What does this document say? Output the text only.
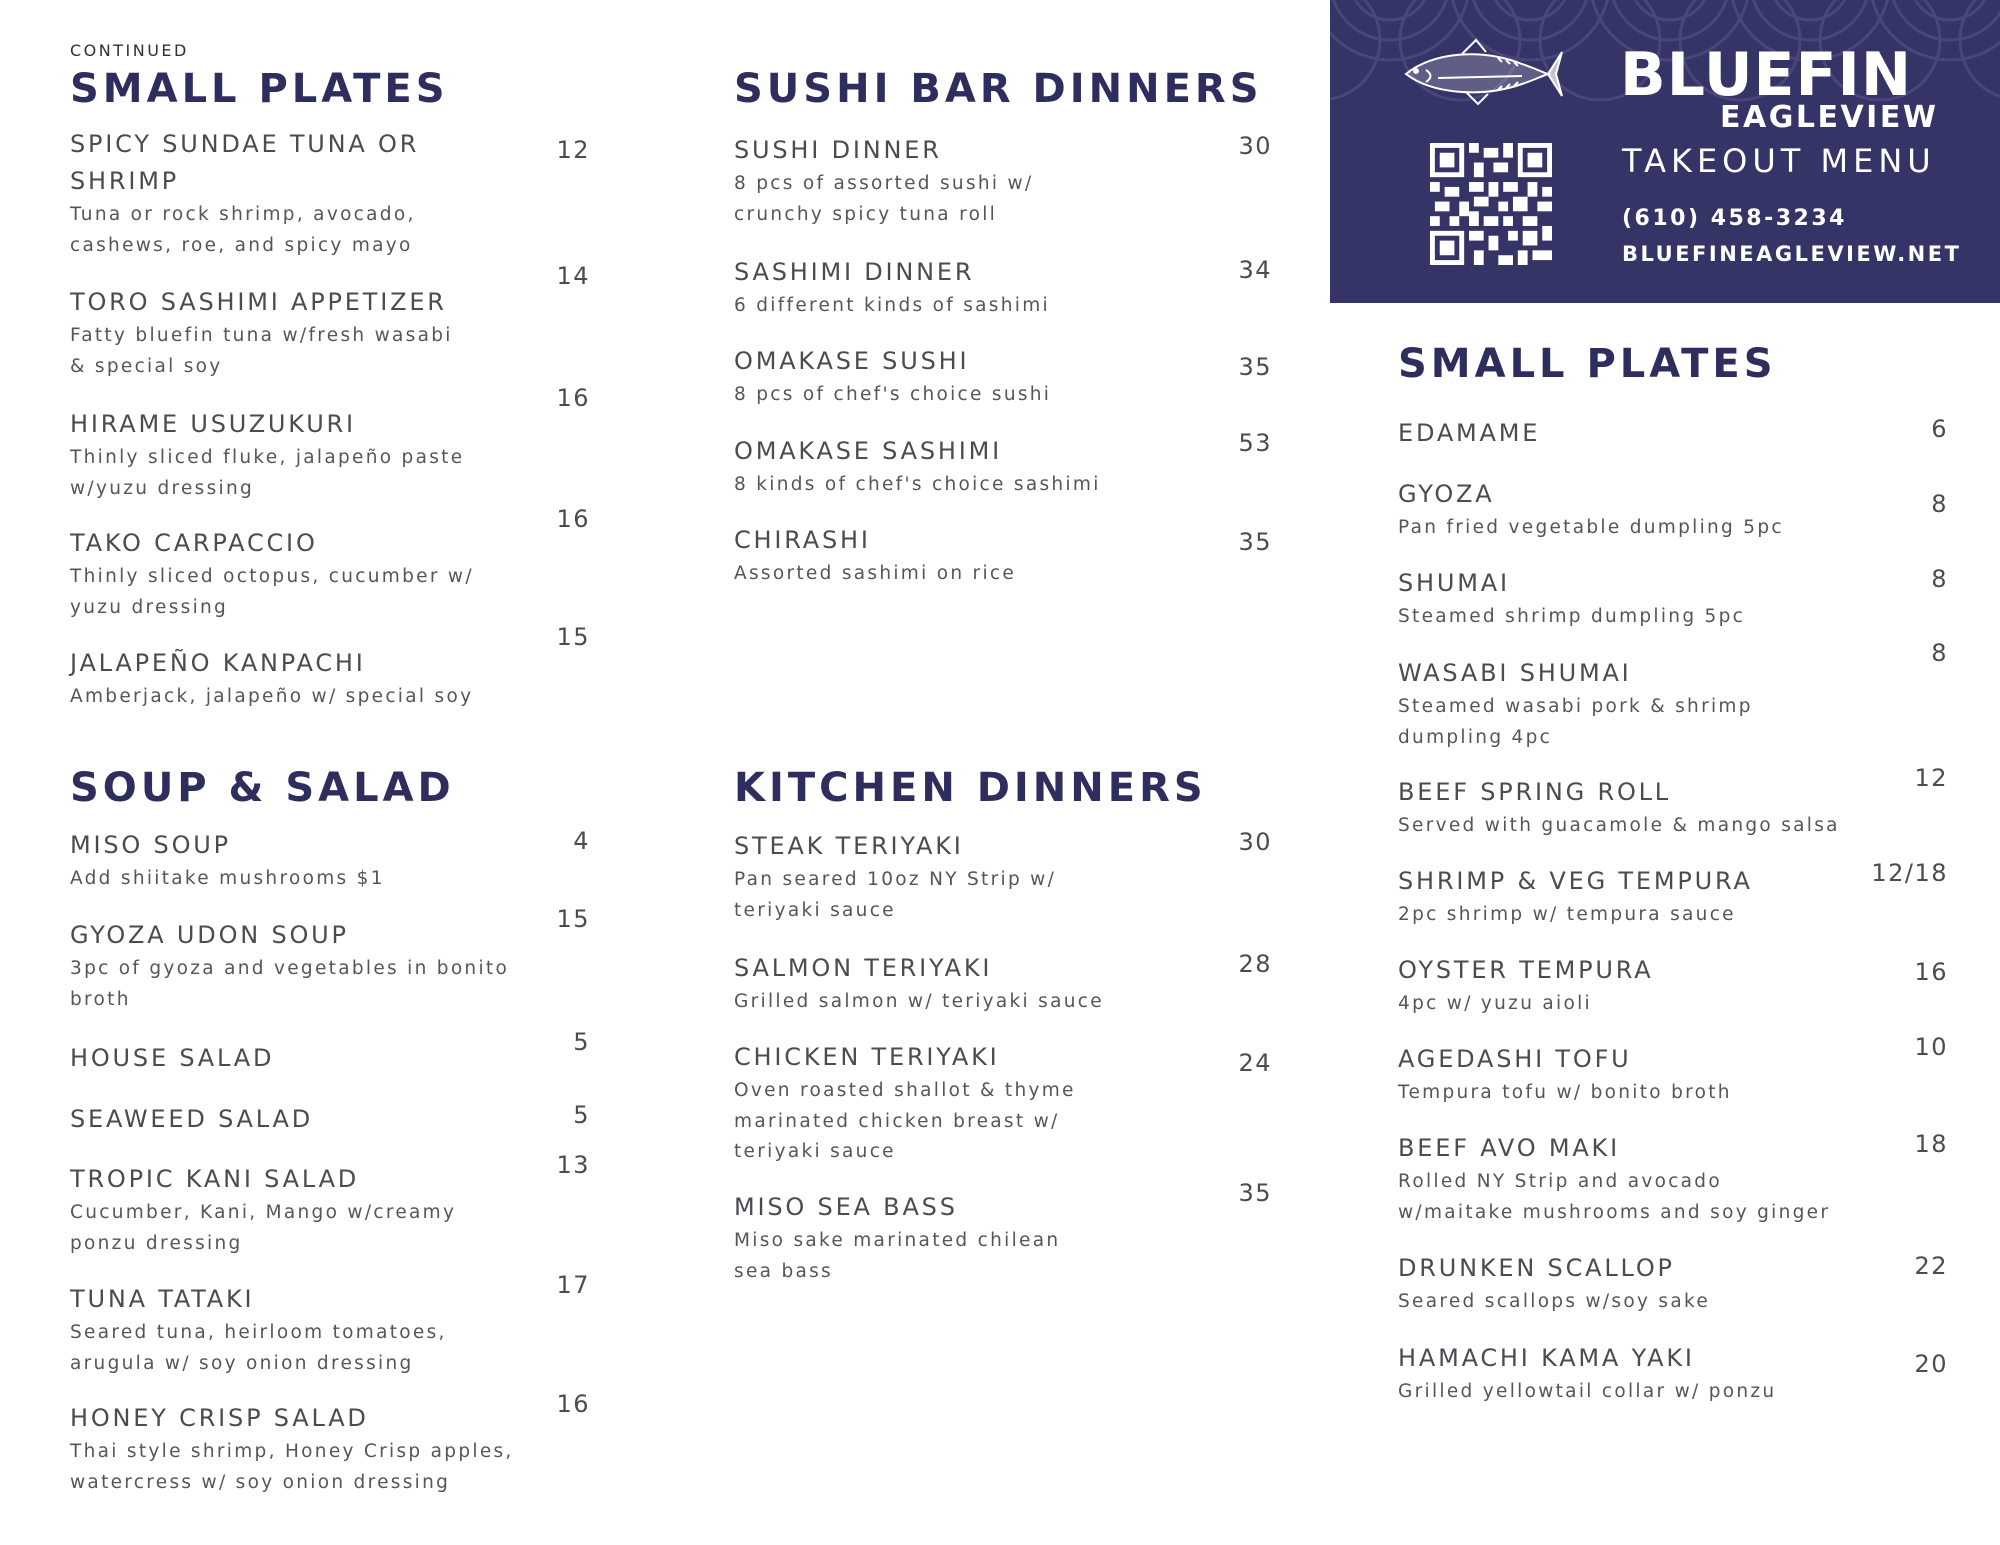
CONTINUED
SMALL PLATES
SPICY SUNDAE TUNA OR SHRIMP
Tuna or rock shrimp, avocado,
cashews, roe, and spicy mayo
12
TORO SASHIMI APPETIZER
Fatty bluefin tuna w/fresh wasabi
& special soy
14
HIRAME USUZUKURI
Thinly sliced fluke, jalapeño paste
w/yuzu dressing
16
TAKO CARPACCIO
Thinly sliced octopus, cucumber w/
yuzu dressing
16
JALAPEÑO KANPACHI
Amberjack, jalapeño w/ special soy
15
SOUP & SALAD
MISO SOUP
Add shiitake mushrooms $1
4
GYOZA UDON SOUP
3pc of gyoza and vegetables in bonito
broth
15
HOUSE SALAD
5
SEAWEED SALAD	5
TROPIC KANI SALAD
Cucumber, Kani, Mango w/creamy
ponzu dressing
13
TUNA TATAKI
Seared tuna, heirloom tomatoes,
arugula w/ soy onion dressing
17
HONEY CRISP SALAD
Thai style shrimp, Honey Crisp apples,
watercress w/ soy onion dressing
16
SUSHI BAR DINNERS
SUSHI DINNER
8 pcs of assorted sushi w/
crunchy spicy tuna roll
30
SASHIMI DINNER
6 different kinds of sashimi
34
OMAKASE SUSHI
8 pcs of chef's choice sushi
35
OMAKASE SASHIMI
8 kinds of chef's choice sashimi
53
CHIRASHI
Assorted sashimi on rice
35
KITCHEN DINNERS
STEAK TERIYAKI
Pan seared 10oz NY Strip w/
teriyaki sauce
30
SALMON TERIYAKI
Grilled salmon w/ teriyaki sauce
28
CHICKEN TERIYAKI
Oven roasted shallot & thyme
marinated chicken breast w/
teriyaki sauce
24
MISO SEA BASS
Miso sake marinated chilean
sea bass
35
BLUEFIN
EAGLEVIEW
TAKEOUT MENU
(610) 458-3234
BLUEFINEAGLEVIEW.NET
SMALL PLATES
EDAMAME	6
GYOZA
Pan fried vegetable dumpling 5pc
8
SHUMAI
Steamed shrimp dumpling 5pc
8
WASABI SHUMAI
Steamed wasabi pork & shrimp
dumpling 4pc
8
BEEF SPRING ROLL
Served with guacamole & mango salsa
12
SHRIMP & VEG TEMPURA
2pc shrimp w/ tempura sauce
12/18
OYSTER TEMPURA
4pc w/ yuzu aioli
16
AGEDASHI TOFU
Tempura tofu w/ bonito broth
10
BEEF AVO MAKI
Rolled NY Strip and avocado
w/maitake mushrooms and soy ginger
18
DRUNKEN SCALLOP
Seared scallops w/soy sake
22
HAMACHI KAMA YAKI
Grilled yellowtail collar w/ ponzu
20
